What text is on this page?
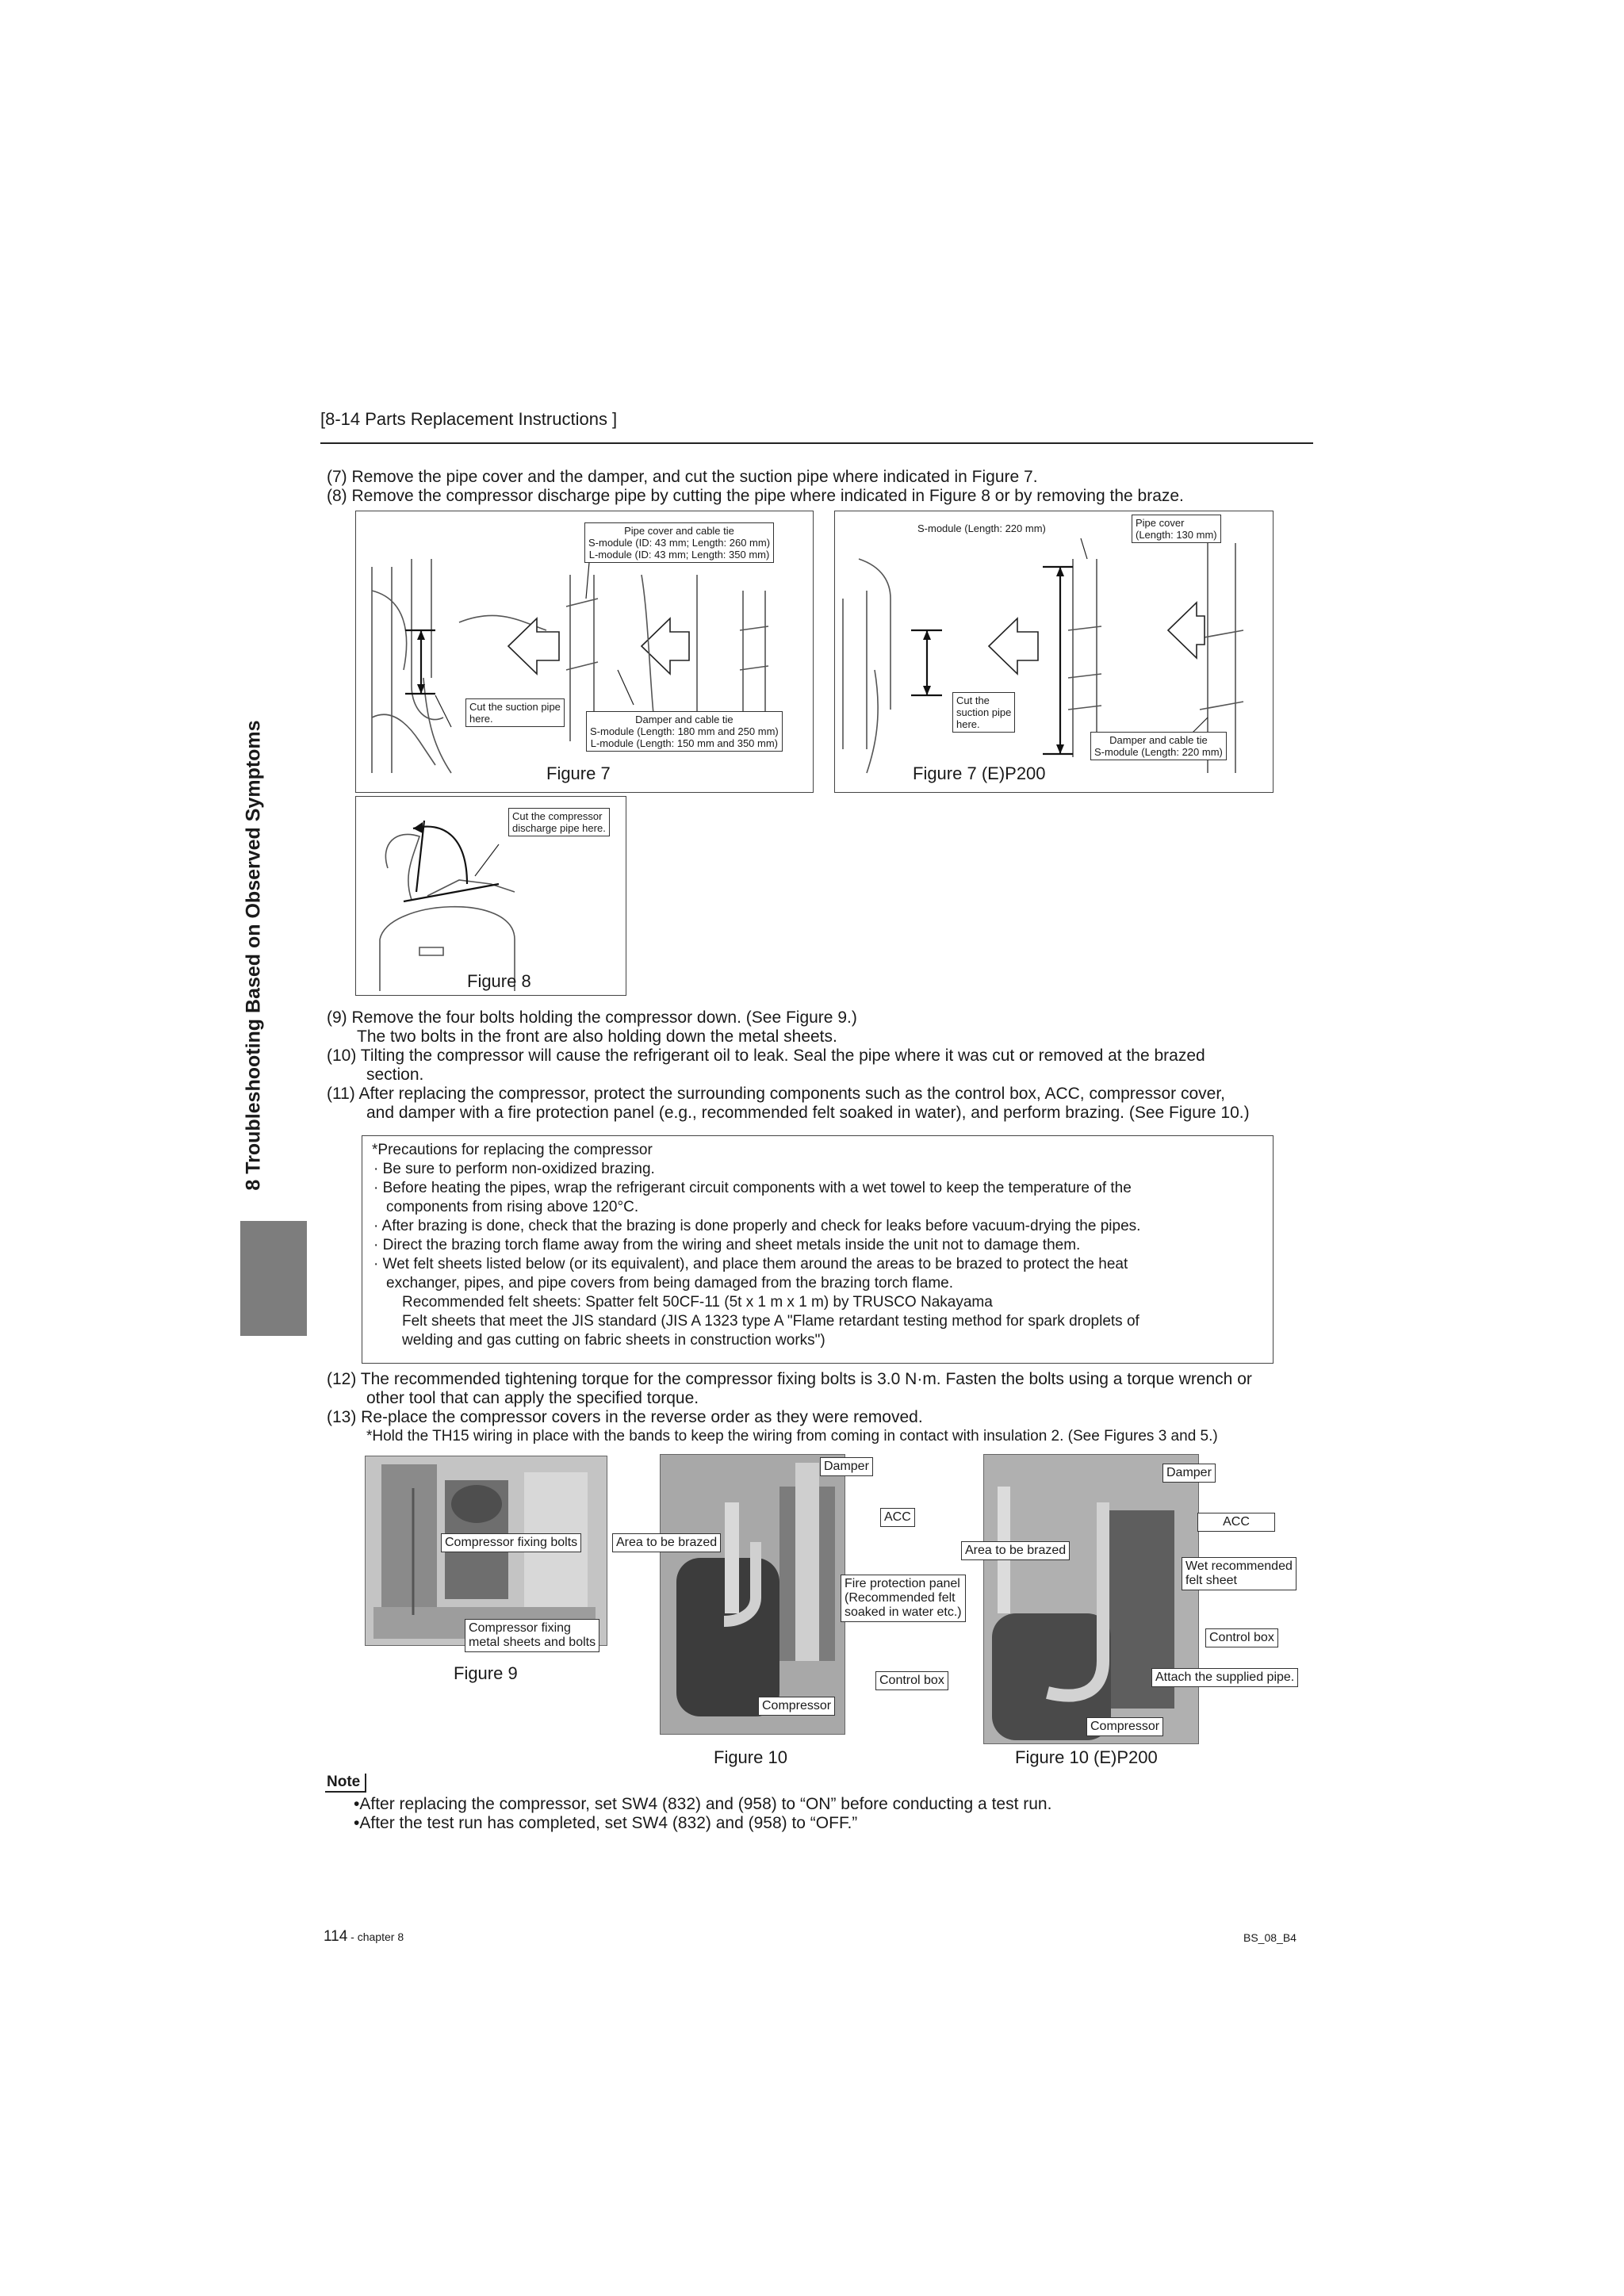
[8-14 Parts Replacement Instructions ]
8 Troubleshooting Based on Observed Symptoms
(7) Remove the pipe cover and the damper, and cut the suction pipe where indicated in Figure 7.
(8) Remove the compressor discharge pipe by cutting the pipe where indicated in Figure 8 or by removing the braze.
Pipe cover and cable tie
S-module (ID: 43 mm; Length: 260 mm)
L-module (ID: 43 mm; Length: 350 mm)
Cut the suction pipe
here.	Damper and cable tie
S-module (Length: 180 mm and 250 mm)
L-module (Length: 150 mm and 350 mm)
Figure 7
S-module (Length: 220 mm)	Pipe cover
(Length: 130 mm)
Cut the
suction pipe
here.
Damper and cable tie
S-module (Length: 220 mm)
Figure 7 (E)P200
Cut the compressor
discharge pipe here.
Figure 8
(9) Remove the four bolts holding the compressor down. (See Figure 9.)
The two bolts in the front are also holding down the metal sheets.
(10) Tilting the compressor will cause the refrigerant oil to leak. Seal the pipe where it was cut or removed at the brazed
section.
(11) After replacing the compressor, protect the surrounding components such as the control box, ACC, compressor cover,
and damper with a fire protection panel (e.g., recommended felt soaked in water), and perform brazing. (See Figure 10.)
*Precautions for replacing the compressor
· Be sure to perform non-oxidized brazing.
· Before heating the pipes, wrap the refrigerant circuit components with a wet towel to keep the temperature of the
components from rising above 120°C.
· After brazing is done, check that the brazing is done properly and check for leaks before vacuum-drying the pipes.
· Direct the brazing torch flame away from the wiring and sheet metals inside the unit not to damage them.
· Wet felt sheets listed below (or its equivalent), and place them around the areas to be brazed to protect the heat
exchanger, pipes, and pipe covers from being damaged from the brazing torch flame.
Recommended felt sheets: Spatter felt 50CF-11 (5t x 1 m x 1 m) by TRUSCO Nakayama
Felt sheets that meet the JIS standard (JIS A 1323 type A "Flame retardant testing method for spark droplets of
welding and gas cutting on fabric sheets in construction works")
(12) The recommended tightening torque for the compressor fixing bolts is 3.0 N·m. Fasten the bolts using a torque wrench or
other tool that can apply the specified torque.
(13) Re-place the compressor covers in the reverse order as they were removed.
*Hold the TH15 wiring in place with the bands to keep the wiring from coming in contact with insulation 2. (See Figures 3 and 5.)
Compressor fixing bolts
Compressor fixing
metal sheets and bolts
Figure 9
Damper
ACC
Area to be brazed
Fire protection panel
(Recommended felt
soaked in water etc.)
Control box
Compressor
Figure 10
Damper
ACC
Area to be brazed
Wet recommended
felt sheet
Control box
Attach the supplied pipe.
Compressor
Figure 10 (E)P200
Note
•After replacing the compressor, set SW4 (832) and (958) to “ON” before conducting a test run.
•After the test run has completed, set SW4 (832) and (958) to “OFF.”
114 - chapter 8	BS_08_B4
